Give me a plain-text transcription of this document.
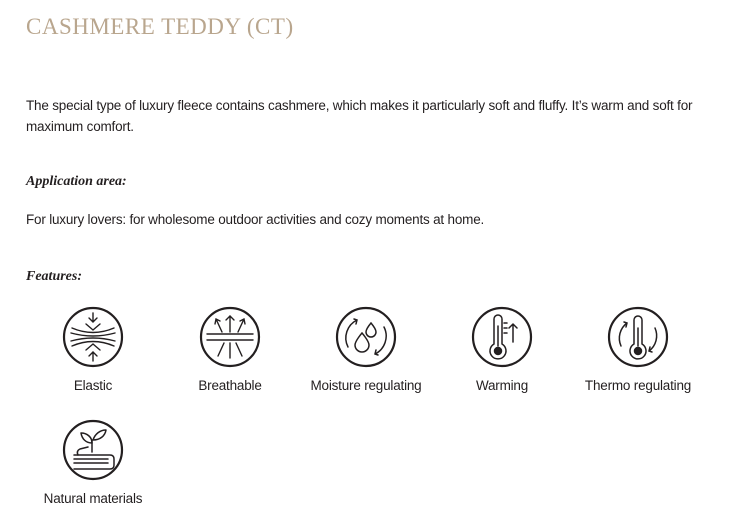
CASHMERE TEDDY (CT)

The special type of luxury fleece contains cashmere, which makes it particularly soft and fluffy. It’s warm and soft for maximum comfort.

Application area:

For luxury lovers: for wholesome outdoor activities and cozy moments at home.

Features:
Elastic	Breathable	Moisture regulating	Warming	Thermo regulating
Natural materials
